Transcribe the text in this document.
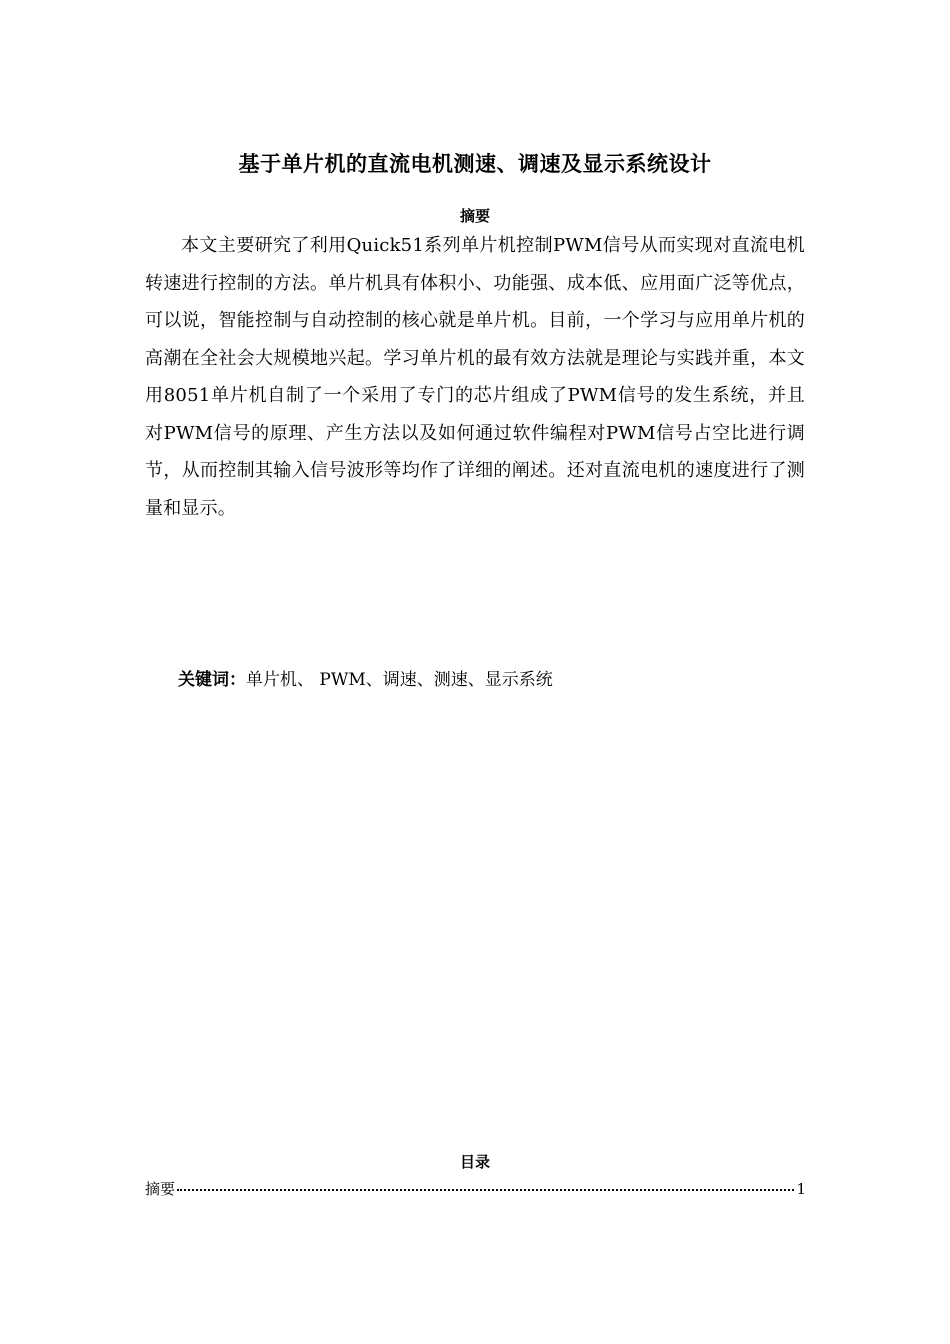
基于单片机的直流电机测速、调速及显示系统设计
摘要

本文主要研究了利用Quick51系列单片机控制PWM信号从而实现对直流电机转速进行控制的方法。单片机具有体积小、功能强、成本低、应用面广泛等优点，可以说，智能控制与自动控制的核心就是单片机。目前，一个学习与应用单片机的高潮在全社会大规模地兴起。学习单片机的最有效方法就是理论与实践并重，本文用8051单片机自制了一个采用了专门的芯片组成了PWM信号的发生系统，并且对PWM信号的原理、产生方法以及如何通过软件编程对PWM信号占空比进行调节，从而控制其输入信号波形等均作了详细的阐述。还对直流电机的速度进行了测量和显示。

关键词：单片机、 PWM、调速、测速、显示系统
目录
摘要	1
